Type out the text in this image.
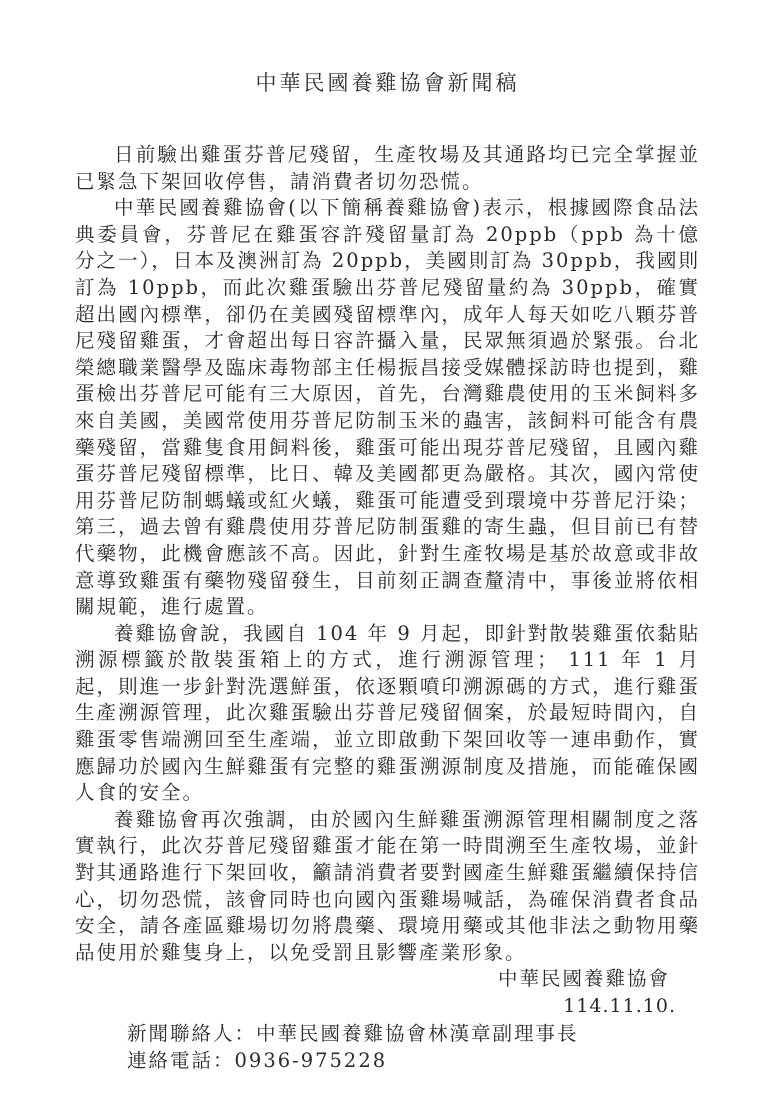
中華民國養雞協會新聞稿

日前驗出雞蛋芬普尼殘留，生產牧場及其通路均已完全掌握並已緊急下架回收停售，請消費者切勿恐慌。

中華民國養雞協會(以下簡稱養雞協會)表示，根據國際食品法典委員會，芬普尼在雞蛋容許殘留量訂為 20ppb（ppb 為十億分之一），日本及澳洲訂為 20ppb，美國則訂為 30ppb，我國則訂為 10ppb，而此次雞蛋驗出芬普尼殘留量約為 30ppb，確實超出國內標準，卻仍在美國殘留標準內，成年人每天如吃八顆芬普尼殘留雞蛋，才會超出每日容許攝入量，民眾無須過於緊張。台北榮總職業醫學及臨床毒物部主任楊振昌接受媒體採訪時也提到，雞蛋檢出芬普尼可能有三大原因，首先，台灣雞農使用的玉米飼料多來自美國，美國常使用芬普尼防制玉米的蟲害，該飼料可能含有農藥殘留，當雞隻食用飼料後，雞蛋可能出現芬普尼殘留，且國內雞蛋芬普尼殘留標準，比日、韓及美國都更為嚴格。其次，國內常使用芬普尼防制螞蟻或紅火蟻，雞蛋可能遭受到環境中芬普尼汙染；第三，過去曾有雞農使用芬普尼防制蛋雞的寄生蟲，但目前已有替代藥物，此機會應該不高。因此，針對生產牧場是基於故意或非故意導致雞蛋有藥物殘留發生，目前刻正調查釐清中，事後並將依相關規範，進行處置。

養雞協會說，我國自 104 年 9 月起，即針對散裝雞蛋依黏貼溯源標籤於散裝蛋箱上的方式，進行溯源管理； 111 年 1 月起，則進一步針對洗選鮮蛋，依逐顆噴印溯源碼的方式，進行雞蛋生產溯源管理，此次雞蛋驗出芬普尼殘留個案，於最短時間內，自雞蛋零售端溯回至生產端，並立即啟動下架回收等一連串動作，實應歸功於國內生鮮雞蛋有完整的雞蛋溯源制度及措施，而能確保國人食的安全。

養雞協會再次強調，由於國內生鮮雞蛋溯源管理相關制度之落實執行，此次芬普尼殘留雞蛋才能在第一時間溯至生產牧場，並針對其通路進行下架回收，籲請消費者要對國產生鮮雞蛋繼續保持信心，切勿恐慌，該會同時也向國內蛋雞場喊話，為確保消費者食品安全，請各產區雞場切勿將農藥、環境用藥或其他非法之動物用藥品使用於雞隻身上，以免受罰且影響產業形象。

中華民國養雞協會
114.11.10.
新聞聯絡人：中華民國養雞協會林漢章副理事長
連絡電話：0936-975228
